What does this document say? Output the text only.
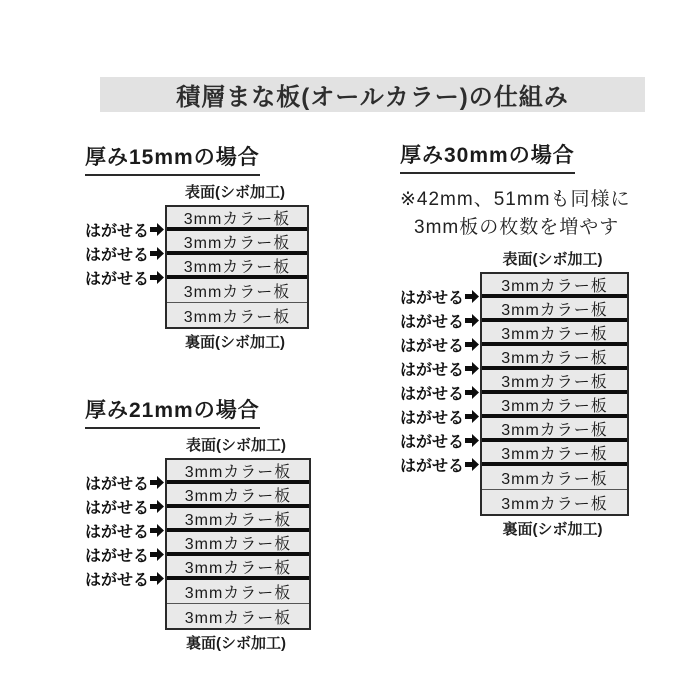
積層まな板(オールカラー)の仕組み
厚み15mmの場合
厚み21mmの場合
厚み30mmの場合
※42mm、51mmも同様に
3mm板の枚数を増やす
表面(シボ加工)
3mmカラー板
3mmカラー板
3mmカラー板
3mmカラー板
3mmカラー板
はがせる
はがせる
はがせる
裏面(シボ加工)
表面(シボ加工)
3mmカラー板
3mmカラー板
3mmカラー板
3mmカラー板
3mmカラー板
3mmカラー板
3mmカラー板
はがせる
はがせる
はがせる
はがせる
はがせる
裏面(シボ加工)
表面(シボ加工)
3mmカラー板
3mmカラー板
3mmカラー板
3mmカラー板
3mmカラー板
3mmカラー板
3mmカラー板
3mmカラー板
3mmカラー板
3mmカラー板
はがせる
はがせる
はがせる
はがせる
はがせる
はがせる
はがせる
はがせる
裏面(シボ加工)
